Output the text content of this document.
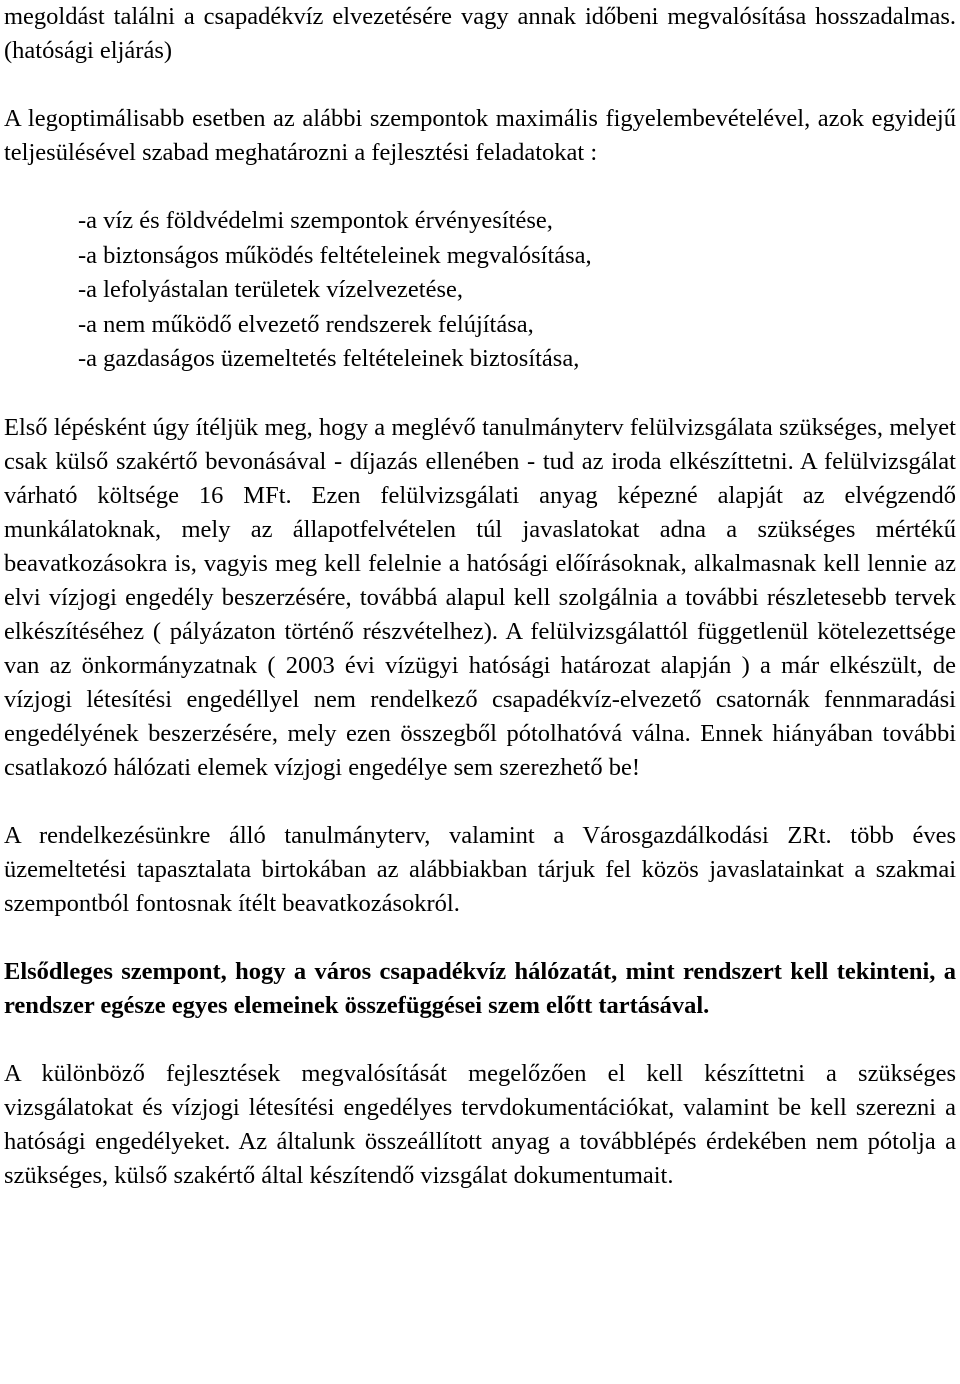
megoldást találni a csapadékvíz elvezetésére vagy annak időbeni megvalósítása hosszadalmas. (hatósági eljárás)

A legoptimálisabb esetben az alábbi szempontok maximális figyelembevételével, azok egyidejű teljesülésével szabad meghatározni a fejlesztési feladatokat :

-a víz és földvédelmi szempontok érvényesítése,
-a biztonságos működés feltételeinek megvalósítása,
-a lefolyástalan területek vízelvezetése,
-a nem működő elvezető rendszerek felújítása,
-a gazdaságos üzemeltetés feltételeinek biztosítása,

Első lépésként úgy ítéljük meg, hogy a meglévő tanulmányterv felülvizsgálata szükséges, melyet csak külső szakértő bevonásával - díjazás ellenében - tud az iroda elkészíttetni. A felülvizsgálat várható költsége 16 MFt. Ezen felülvizsgálati anyag képezné alapját az elvégzendő munkálatoknak, mely az állapotfelvételen túl javaslatokat adna a szükséges mértékű beavatkozásokra is, vagyis meg kell felelnie a hatósági előírásoknak, alkalmasnak kell lennie az elvi vízjogi engedély beszerzésére, továbbá alapul kell szolgálnia a további részletesebb tervek elkészítéséhez ( pályázaton történő részvételhez). A felülvizsgálattól függetlenül kötelezettsége van az önkormányzatnak ( 2003 évi vízügyi hatósági határozat alapján ) a már elkészült, de vízjogi létesítési engedéllyel nem rendelkező csapadékvíz-elvezető csatornák fennmaradási engedélyének beszerzésére, mely ezen összegből pótolhatóvá válna. Ennek hiányában további csatlakozó hálózati elemek vízjogi engedélye sem szerezhető be!

A rendelkezésünkre álló tanulmányterv, valamint a Városgazdálkodási ZRt. több éves üzemeltetési tapasztalata birtokában az alábbiakban tárjuk fel közös javaslatainkat a szakmai szempontból fontosnak ítélt beavatkozásokról.

Elsődleges szempont, hogy a város csapadékvíz hálózatát, mint rendszert kell tekinteni, a rendszer egésze egyes elemeinek összefüggései szem előtt tartásával.

A különböző fejlesztések megvalósítását megelőzően el kell készíttetni a szükséges vizsgálatokat és vízjogi létesítési engedélyes tervdokumentációkat, valamint be kell szerezni a hatósági engedélyeket. Az általunk összeállított anyag a továbblépés érdekében nem pótolja a szükséges, külső szakértő által készítendő vizsgálat dokumentumait.
